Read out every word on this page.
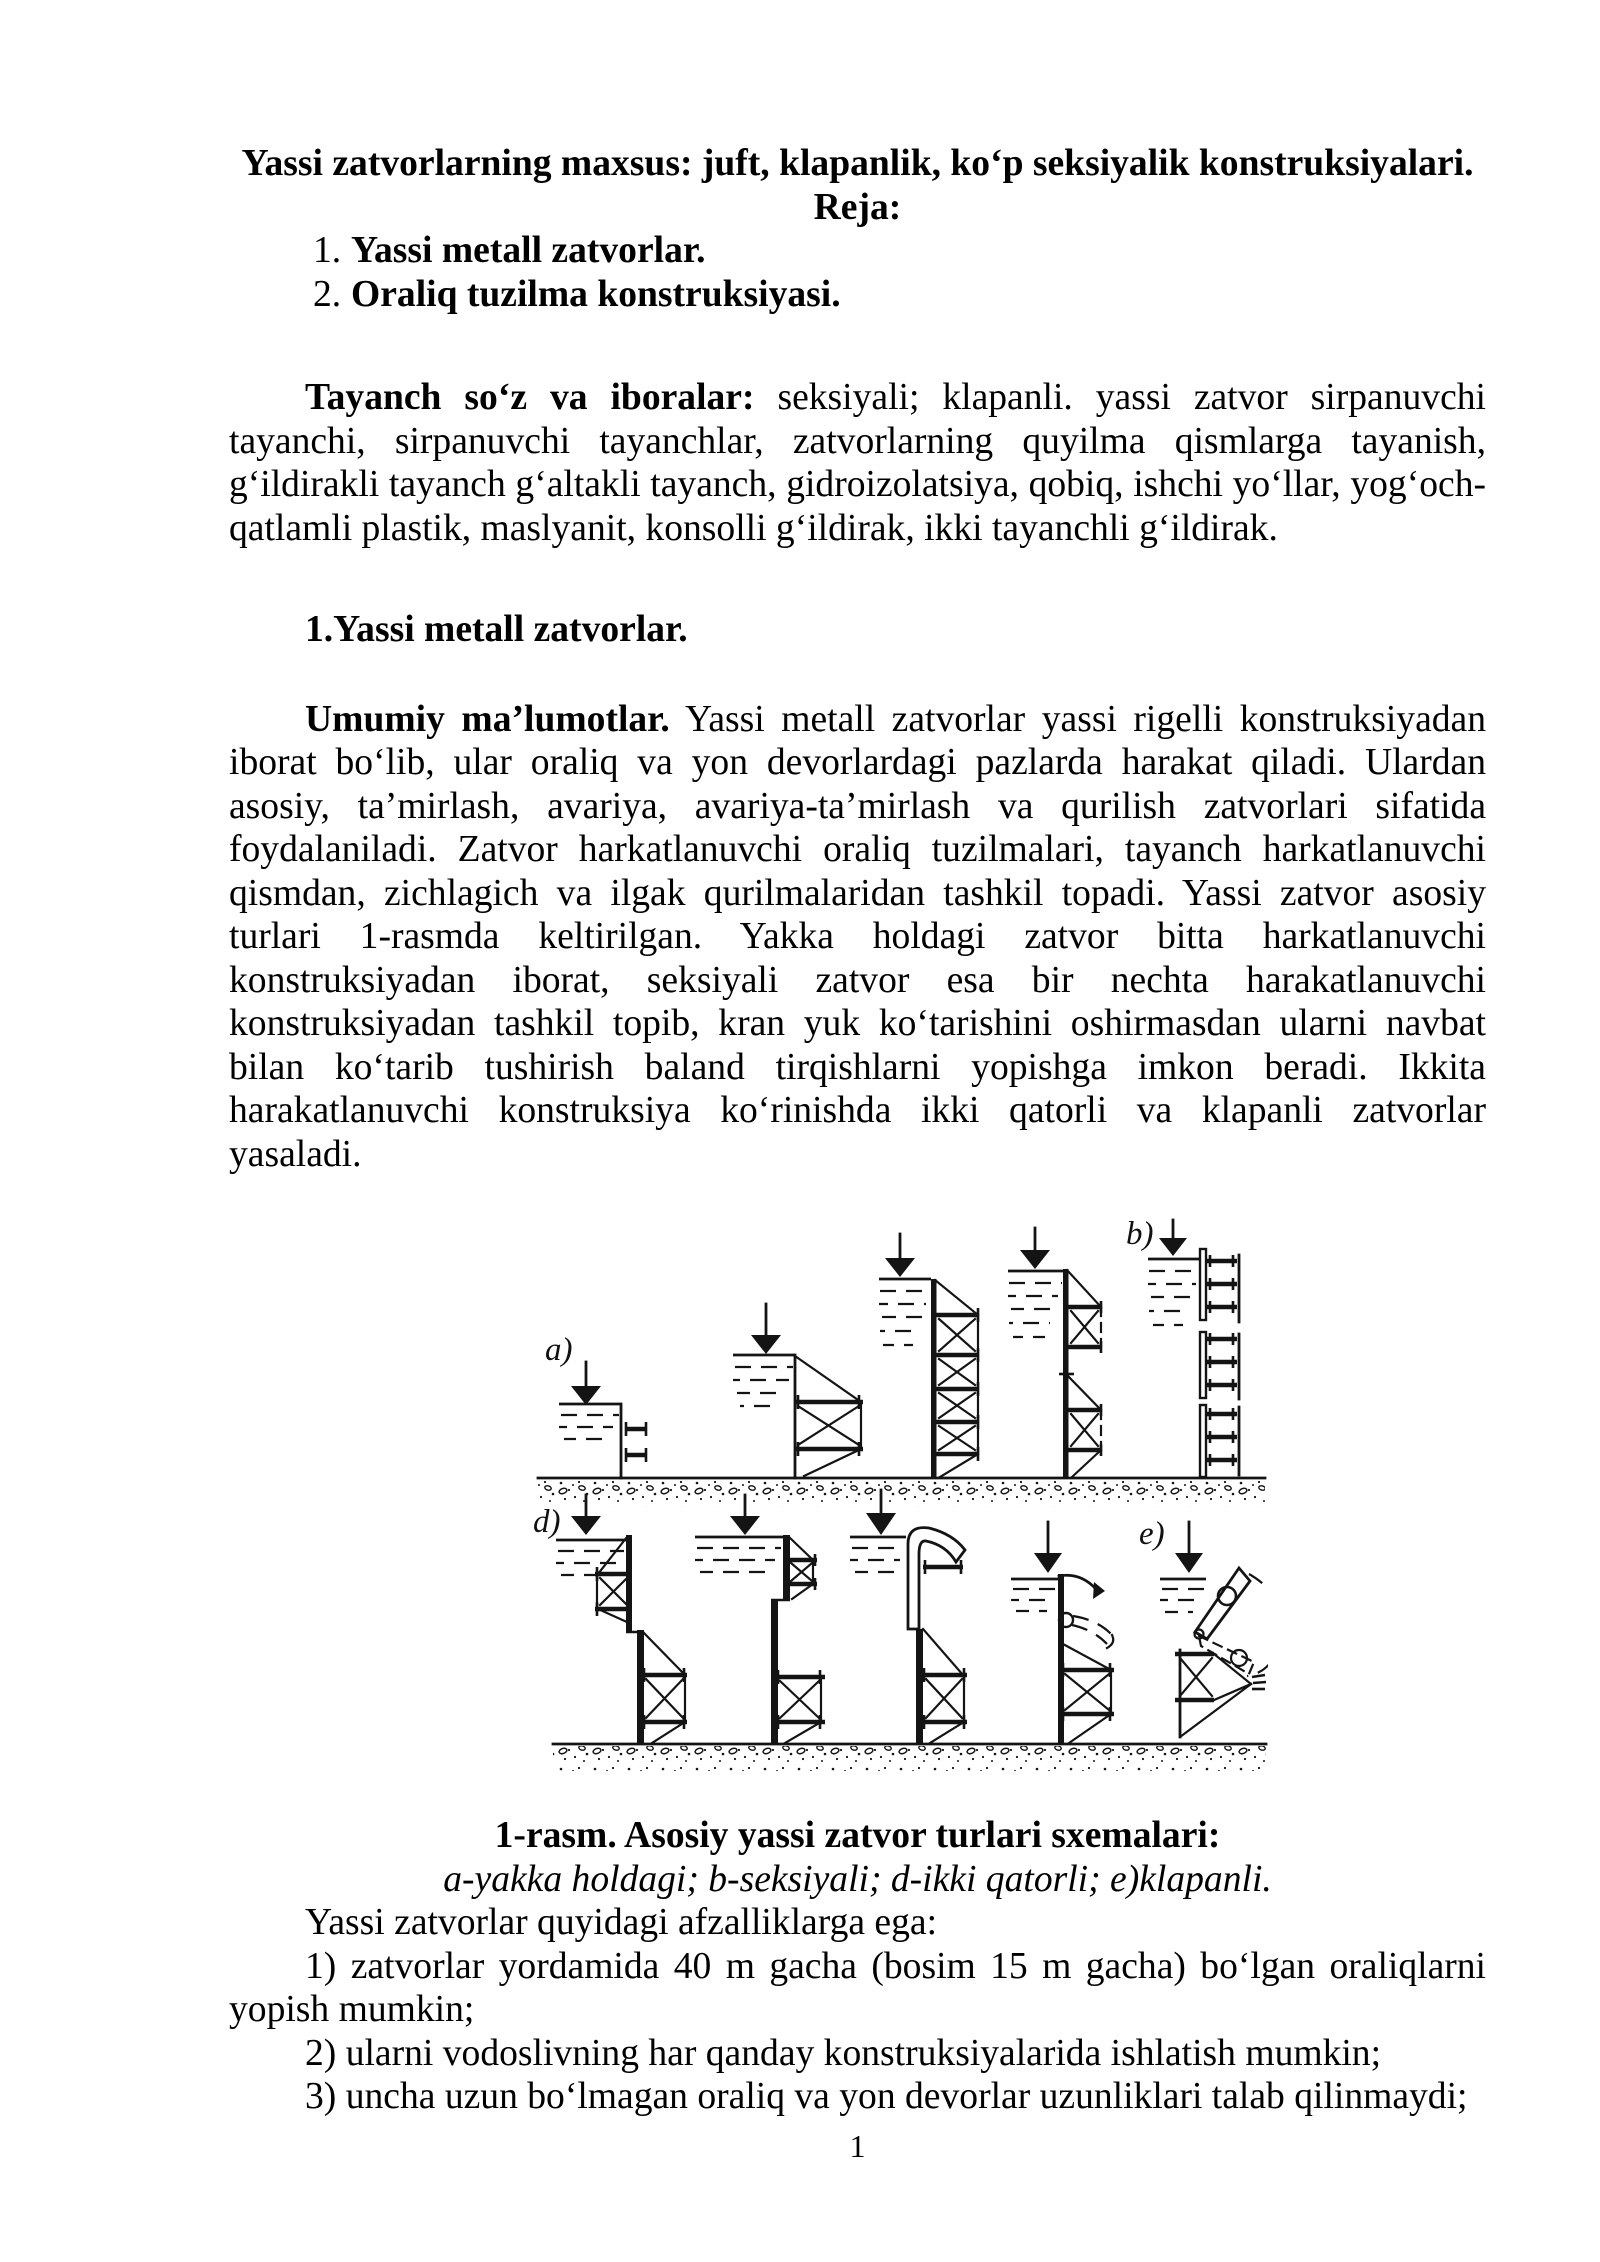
Yassi zatvorlarning maxsus: juft, klapanlik, ko‘p seksiyalik konstruksiyalari.
Reja:
1. Yassi metall zatvorlar.
2. Oraliq tuzilma konstruksiyasi.

Tayanch so‘z va iboralar: seksiyali; klapanli. yassi zatvor sirpanuvchi tayanchi, sirpanuvchi tayanchlar, zatvorlarning quyilma qismlarga tayanish, g‘ildirakli tayanch g‘altakli tayanch, gidroizolatsiya, qobiq, ishchi yo‘llar, yog‘och-qatlamli plastik, maslyanit, konsolli g‘ildirak, ikki tayanchli g‘ildirak.

1.Yassi metall zatvorlar.

Umumiy ma’lumotlar. Yassi metall zatvorlar yassi rigelli konstruksiyadan iborat bo‘lib, ular oraliq va yon devorlardagi pazlarda harakat qiladi. Ulardan asosiy, ta’mirlash, avariya, avariya-ta’mirlash va qurilish zatvorlari sifatida foydalaniladi. Zatvor harkatlanuvchi oraliq tuzilmalari, tayanch harkatlanuvchi qismdan, zichlagich va ilgak qurilmalaridan tashkil topadi. Yassi zatvor asosiy turlari 1-rasmda keltirilgan. Yakka holdagi zatvor bitta harkatlanuvchi konstruksiyadan iborat, seksiyali zatvor esa bir nechta harakatlanuvchi konstruksiyadan tashkil topib, kran yuk ko‘tarishini oshirmasdan ularni navbat bilan ko‘tarib tushirish baland tirqishlarni yopishga imkon beradi. Ikkita harakatlanuvchi konstruksiya ko‘rinishda ikki qatorli va klapanli zatvorlar yasaladi.

a)
b)
d)	e)

1-rasm. Asosiy yassi zatvor turlari sxemalari:

a-yakka holdagi; b-seksiyali; d-ikki qatorli; e)klapanli.

Yassi zatvorlar quyidagi afzalliklarga ega:

1) zatvorlar yordamida 40 m gacha (bosim 15 m gacha) bo‘lgan oraliqlarni yopish mumkin;

2) ularni vodoslivning har qanday konstruksiyalarida ishlatish mumkin;

3) uncha uzun bo‘lmagan oraliq va yon devorlar uzunliklari talab qilinmaydi;

1
